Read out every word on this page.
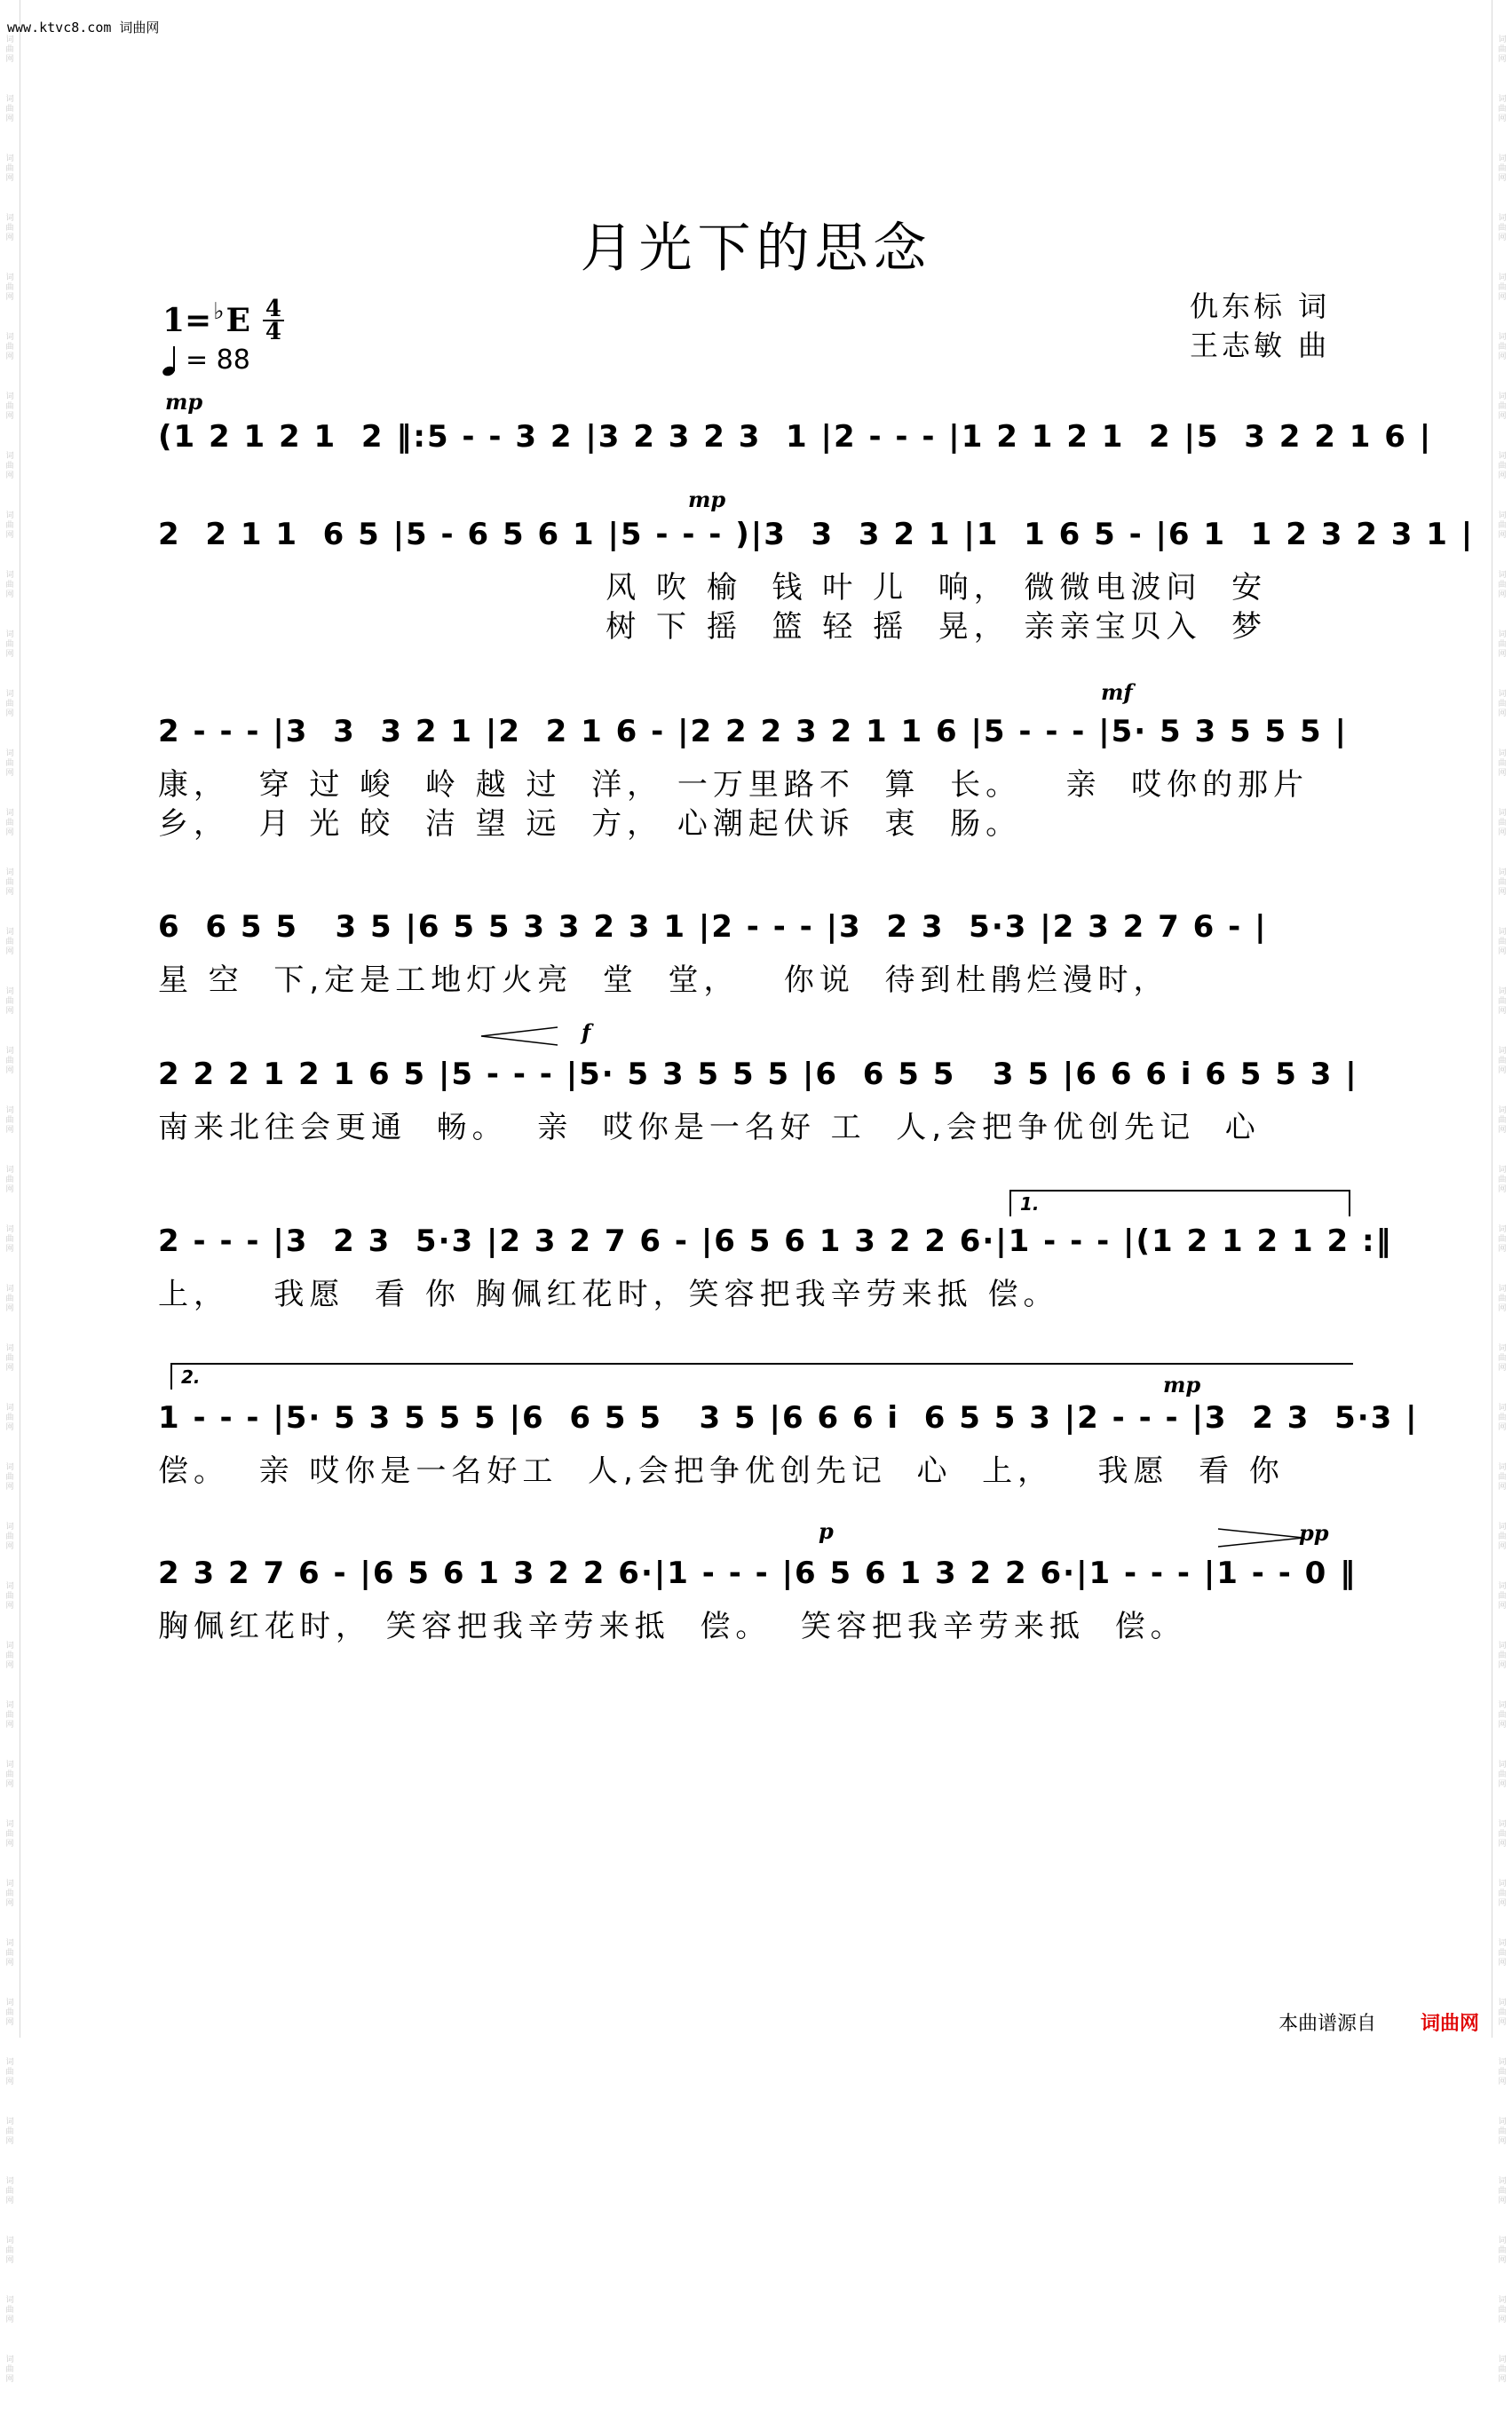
词曲网
词曲网
词曲网
词曲网
词曲网
词曲网
词曲网
词曲网
词曲网
词曲网
词曲网
词曲网
词曲网
词曲网
词曲网
词曲网
词曲网
词曲网
词曲网
词曲网
词曲网
词曲网
词曲网
词曲网
词曲网
词曲网
词曲网
词曲网
词曲网
词曲网
词曲网
词曲网
词曲网
词曲网
词曲网
词曲网
词曲网
词曲网
词曲网
词曲网
词曲网
词曲网
词曲网
词曲网
词曲网
词曲网
词曲网
词曲网
词曲网
词曲网
词曲网
词曲网
词曲网
词曲网
词曲网
词曲网
词曲网
词曲网
词曲网
词曲网
词曲网
词曲网
词曲网
词曲网
词曲网
词曲网
词曲网
词曲网
词曲网
词曲网
词曲网
词曲网
词曲网
词曲网
词曲网
词曲网
词曲网
词曲网
词曲网
词曲网
www.ktvc8.com 词曲网
月光下的思念
1= ♭ E 4
4
= 88
仇东标 词
王志敏 曲
mp
mp
mf
f
mp
p	pp
1.
2.
(1 2 1 2 1  2 ‖:5 - - 3 2 |3 2 3 2 3  1 |2 - - - |1 2 1 2 1  2 |5  3 2 2 1 6 |
2  2 1 1  6 5 |5 - 6 5 6 1 |5 - - - )|3  3  3 2 1 |1  1 6 5 - |6 1  1 2 3 2 3 1 |
风 吹 榆  钱 叶 儿  响， 微微电波问  安
树 下 摇  篮 轻 摇  晃， 亲亲宝贝入  梦
2 - - - |3  3  3 2 1 |2  2 1 6 - |2 2 2 3 2 1 1 6 |5 - - - |5· 5 3 5 5 5 |
康，  穿 过 峻  岭 越 过  洋， 一万里路不  算  长。   亲  哎你的那片
乡，  月 光 皎  洁 望 远  方， 心潮起伏诉  衷  肠。
6  6 5 5   3 5 |6 5 5 3 3 2 3 1 |2 - - - |3  2 3  5·3 |2 3 2 7 6 - |
星 空  下,定是工地灯火亮  堂  堂，   你说  待到杜鹃烂漫时，
2 2 2 1 2 1 6 5 |5 - - - |5· 5 3 5 5 5 |6  6 5 5   3 5 |6 6 6 i 6 5 5 3 |
南来北往会更通  畅。  亲  哎你是一名好 工  人,会把争优创先记  心
2 - - - |3  2 3  5·3 |2 3 2 7 6 - |6 5 6 1 3 2 2 6·|1 - - - |(1 2 1 2 1 2 :‖
上，   我愿  看 你 胸佩红花时，笑容把我辛劳来抵 偿。
1 - - - |5· 5 3 5 5 5 |6  6 5 5   3 5 |6 6 6 i  6 5 5 3 |2 - - - |3  2 3  5·3 |
偿。  亲 哎你是一名好工  人,会把争优创先记  心  上，   我愿  看 你
2 3 2 7 6 - |6 5 6 1 3 2 2 6·|1 - - - |6 5 6 1 3 2 2 6·|1 - - - |1 - - 0 ‖
胸佩红花时， 笑容把我辛劳来抵  偿。  笑容把我辛劳来抵  偿。
本曲谱源自 词曲网
